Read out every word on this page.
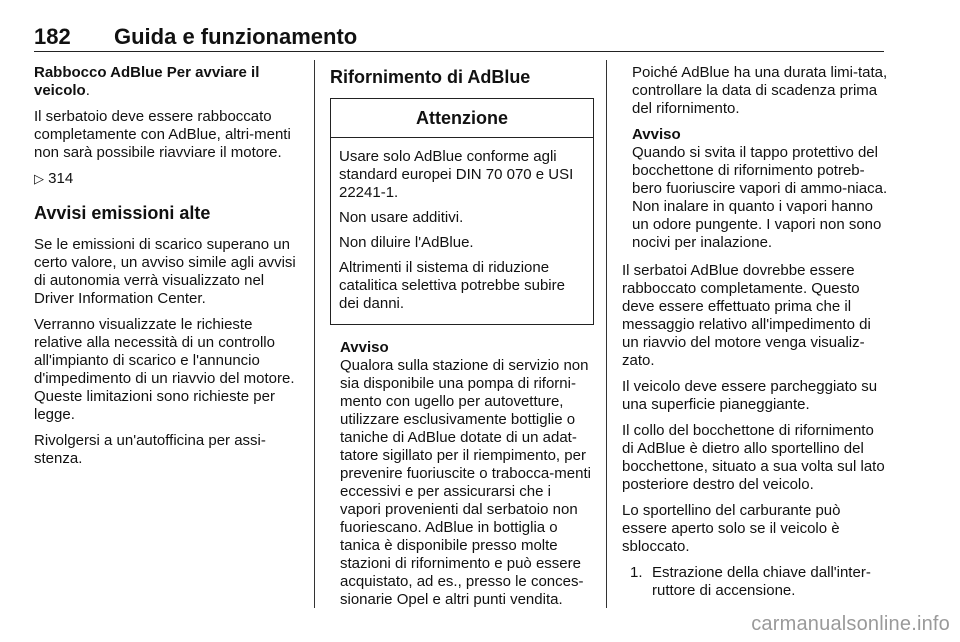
182 Guida e funzionamento

Rabbocco AdBlue Per avviare il veicolo.

Il serbatoio deve essere rabboccato completamente con AdBlue, altri-menti non sarà possibile riavviare il motore.

▷ 314

Avvisi emissioni alte

Se le emissioni di scarico superano un certo valore, un avviso simile agli avvisi di autonomia verrà visualizzato nel Driver Information Center.

Verranno visualizzate le richieste relative alla necessità di un controllo all'impianto di scarico e l'annuncio d'impedimento di un riavvio del motore. Queste limitazioni sono richieste per legge.

Rivolgersi a un'autofficina per assi-stenza.

Rifornimento di AdBlue
Attenzione

Usare solo AdBlue conforme agli standard europei DIN 70 070 e USI 22241-1.

Non usare additivi.

Non diluire l'AdBlue.

Altrimenti il sistema di riduzione catalitica selettiva potrebbe subire dei danni.

Avviso

Qualora sulla stazione di servizio non sia disponibile una pompa di riforni-mento con ugello per autovetture, utilizzare esclusivamente bottiglie o taniche di AdBlue dotate di un adat-tatore sigillato per il riempimento, per prevenire fuoriuscite o trabocca-menti eccessivi e per assicurarsi che i vapori provenienti dal serbatoio non fuoriescano. AdBlue in bottiglia o tanica è disponibile presso molte stazioni di rifornimento e può essere acquistato, ad es., presso le conces-sionarie Opel e altri punti vendita.

Poiché AdBlue ha una durata limi-tata, controllare la data di scadenza prima del rifornimento.

Avviso

Quando si svita il tappo protettivo del bocchettone di rifornimento potreb-bero fuoriuscire vapori di ammo-niaca. Non inalare in quanto i vapori hanno un odore pungente. I vapori non sono nocivi per inalazione.

Il serbatoi AdBlue dovrebbe essere rabboccato completamente. Questo deve essere effettuato prima che il messaggio relativo all'impedimento di un riavvio del motore venga visualiz-zato.

Il veicolo deve essere parcheggiato su una superficie pianeggiante.

Il collo del bocchettone di rifornimento di AdBlue è dietro allo sportellino del bocchettone, situato a sua volta sul lato posteriore destro del veicolo.

Lo sportellino del carburante può essere aperto solo se il veicolo è sbloccato.

1. Estrazione della chiave dall'inter-ruttore di accensione.
carmanualsonline.info
